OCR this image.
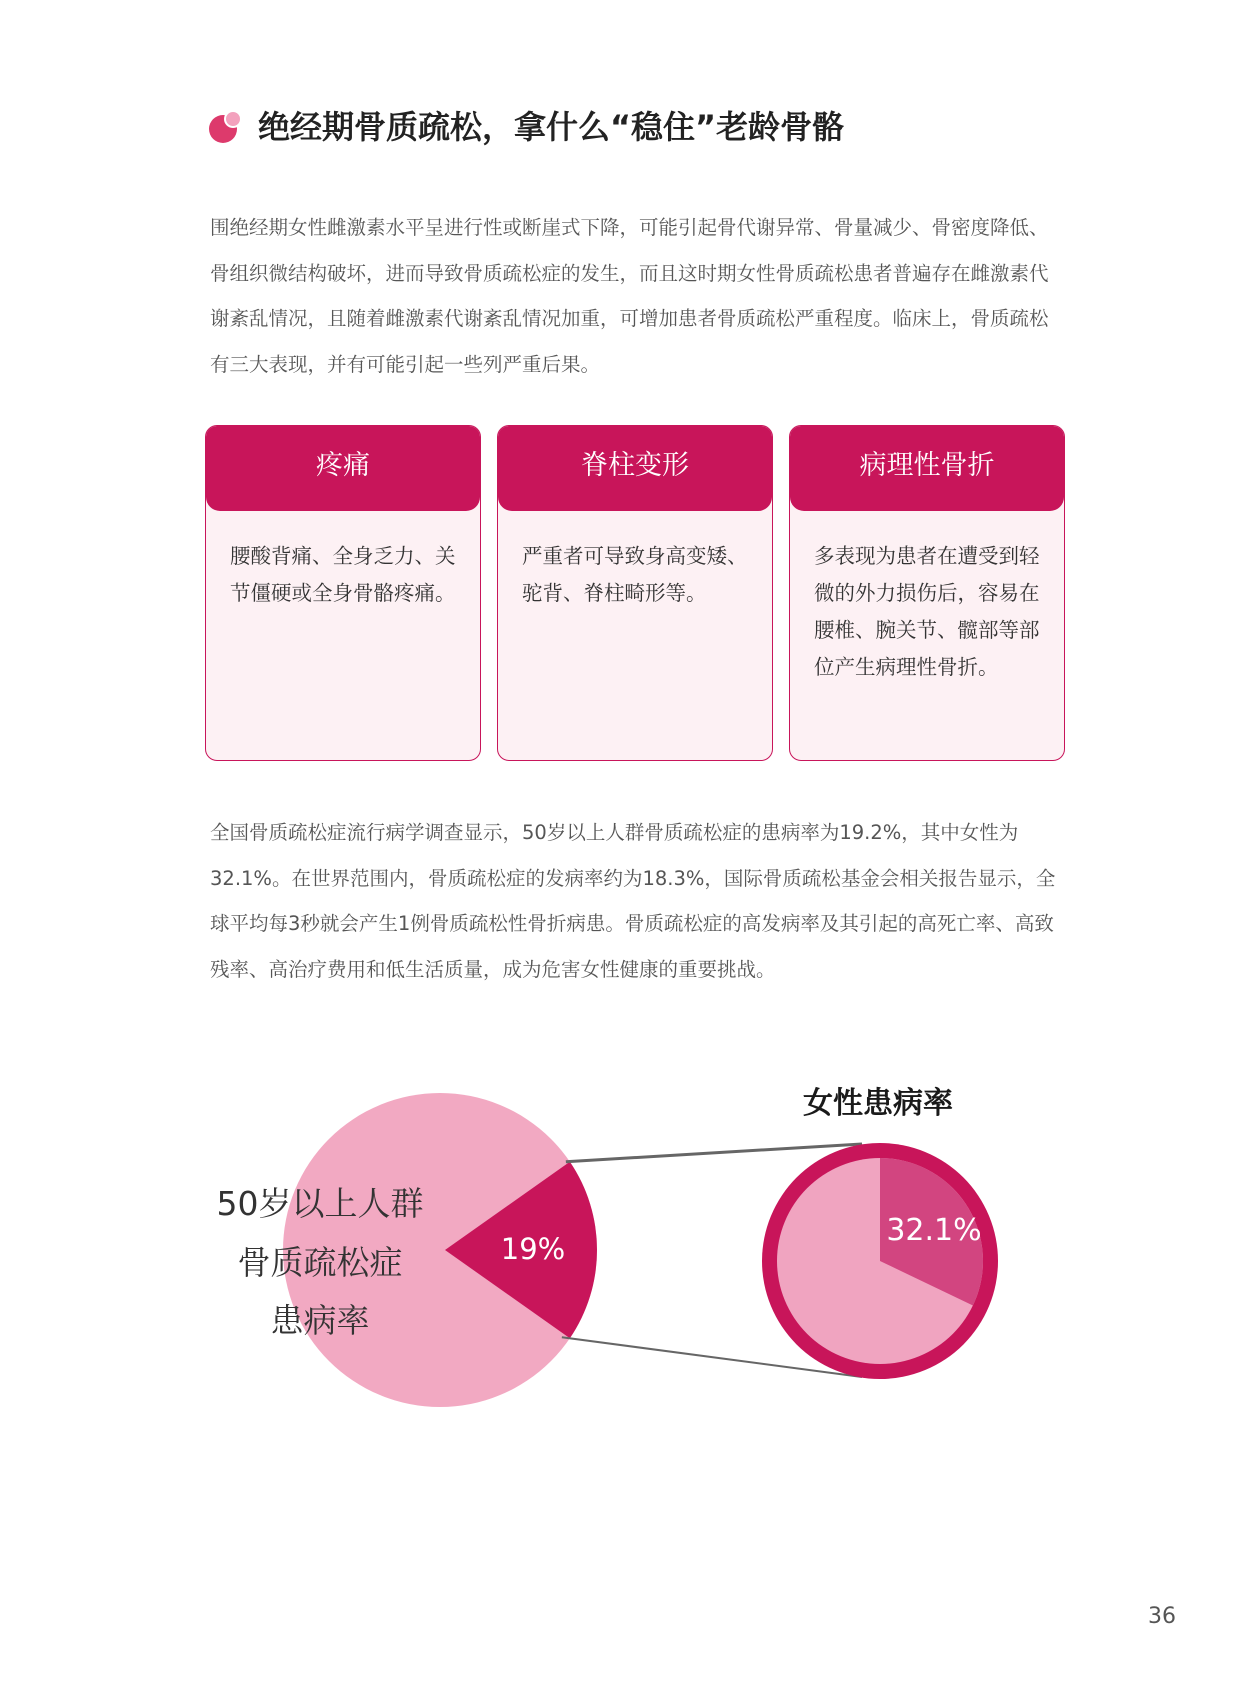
绝经期骨质疏松，拿什么“稳住”老龄骨骼

围绝经期女性雌激素水平呈进行性或断崖式下降，可能引起骨代谢异常、骨量减少、骨密度降低、骨组织微结构破坏，进而导致骨质疏松症的发生，而且这时期女性骨质疏松患者普遍存在雌激素代谢紊乱情况，且随着雌激素代谢紊乱情况加重，可增加患者骨质疏松严重程度。临床上，骨质疏松有三大表现，并有可能引起一些列严重后果。

疼痛
腰酸背痛、全身乏力、关节僵硬或全身骨骼疼痛。
脊柱变形
严重者可导致身高变矮、驼背、脊柱畸形等。
病理性骨折
多表现为患者在遭受到轻微的外力损伤后，容易在腰椎、腕关节、髋部等部位产生病理性骨折。

全国骨质疏松症流行病学调查显示，50岁以上人群骨质疏松症的患病率为19.2%，其中女性为32.1%。在世界范围内，骨质疏松症的发病率约为18.3%，国际骨质疏松基金会相关报告显示，全球平均每3秒就会产生1例骨质疏松性骨折病患。骨质疏松症的高发病率及其引起的高死亡率、高致残率、高治疗费用和低生活质量，成为危害女性健康的重要挑战。

19%
50岁以上人群
骨质疏松症
患病率
32.1%
女性患病率
36
